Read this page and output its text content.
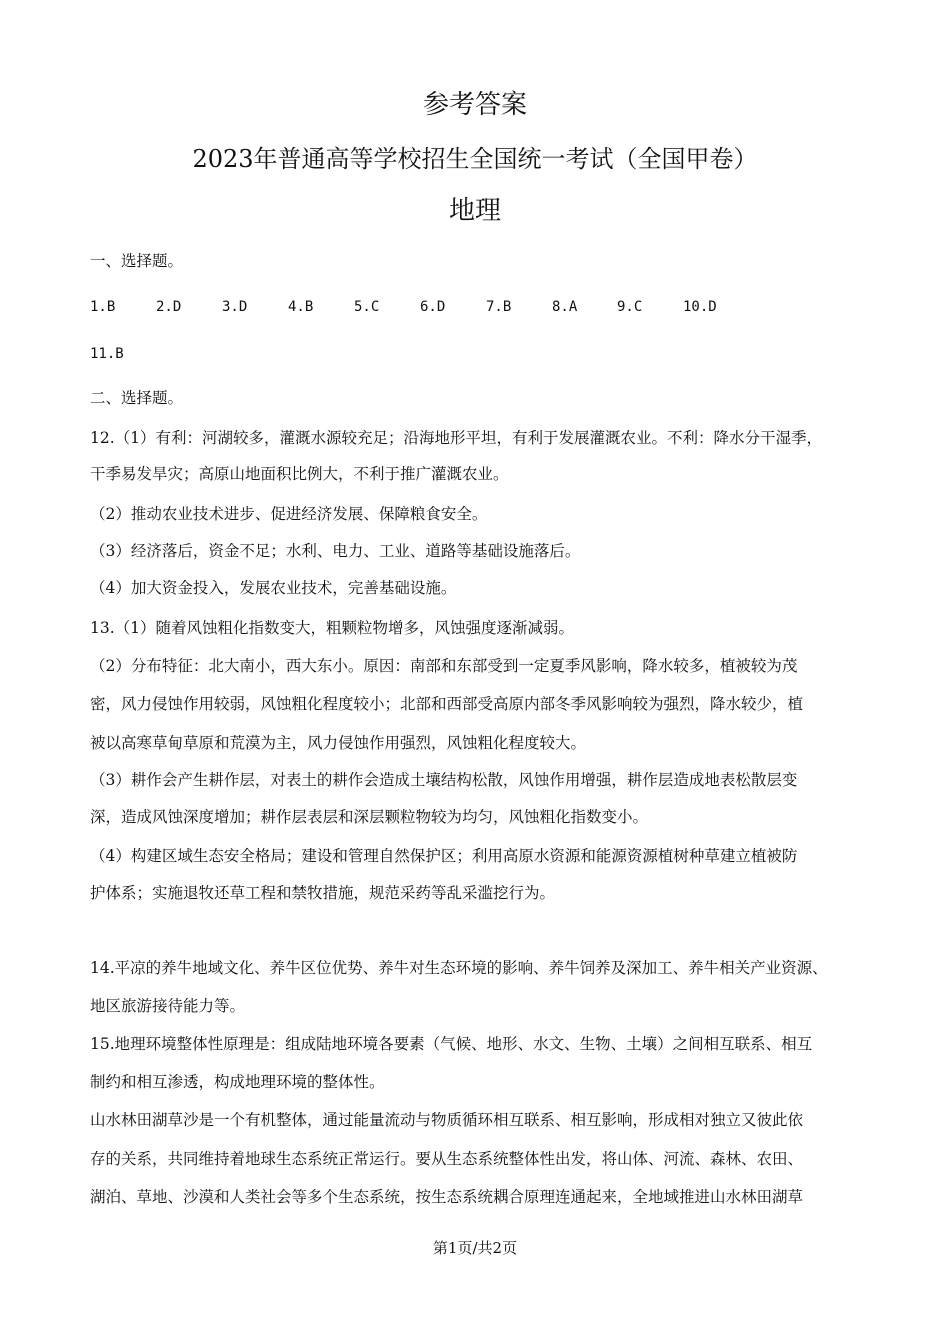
参考答案
2023年普通高等学校招生全国统一考试（全国甲卷）
地理
一、选择题。
1.B	2.D	3.D	4.B	5.C	6.D	7.B	8.A	9.C	10.D
11.B
二、选择题。
12.（1）有利：河湖较多，灌溉水源较充足；沿海地形平坦，有利于发展灌溉农业。不利：降水分干湿季，
干季易发旱灾；高原山地面积比例大，不利于推广灌溉农业。
（2）推动农业技术进步、促进经济发展、保障粮食安全。
（3）经济落后，资金不足；水利、电力、工业、道路等基础设施落后。
（4）加大资金投入，发展农业技术，完善基础设施。
13.（1）随着风蚀粗化指数变大，粗颗粒物增多，风蚀强度逐渐减弱。
（2）分布特征：北大南小，西大东小。原因：南部和东部受到一定夏季风影响，降水较多，植被较为茂
密，风力侵蚀作用较弱，风蚀粗化程度较小；北部和西部受高原内部冬季风影响较为强烈，降水较少，植
被以高寒草甸草原和荒漠为主，风力侵蚀作用强烈，风蚀粗化程度较大。
（3）耕作会产生耕作层，对表土的耕作会造成土壤结构松散，风蚀作用增强，耕作层造成地表松散层变
深，造成风蚀深度增加；耕作层表层和深层颗粒物较为均匀，风蚀粗化指数变小。
（4）构建区域生态安全格局；建设和管理自然保护区；利用高原水资源和能源资源植树种草建立植被防
护体系；实施退牧还草工程和禁牧措施，规范采药等乱采滥挖行为。
14.平凉的养牛地域文化、养牛区位优势、养牛对生态环境的影响、养牛饲养及深加工、养牛相关产业资源、
地区旅游接待能力等。
15.地理环境整体性原理是：组成陆地环境各要素（气候、地形、水文、生物、土壤）之间相互联系、相互
制约和相互渗透，构成地理环境的整体性。
山水林田湖草沙是一个有机整体，通过能量流动与物质循环相互联系、相互影响，形成相对独立又彼此依
存的关系，共同维持着地球生态系统正常运行。要从生态系统整体性出发，将山体、河流、森林、农田、
湖泊、草地、沙漠和人类社会等多个生态系统，按生态系统耦合原理连通起来，全地域推进山水林田湖草
第1页/共2页
